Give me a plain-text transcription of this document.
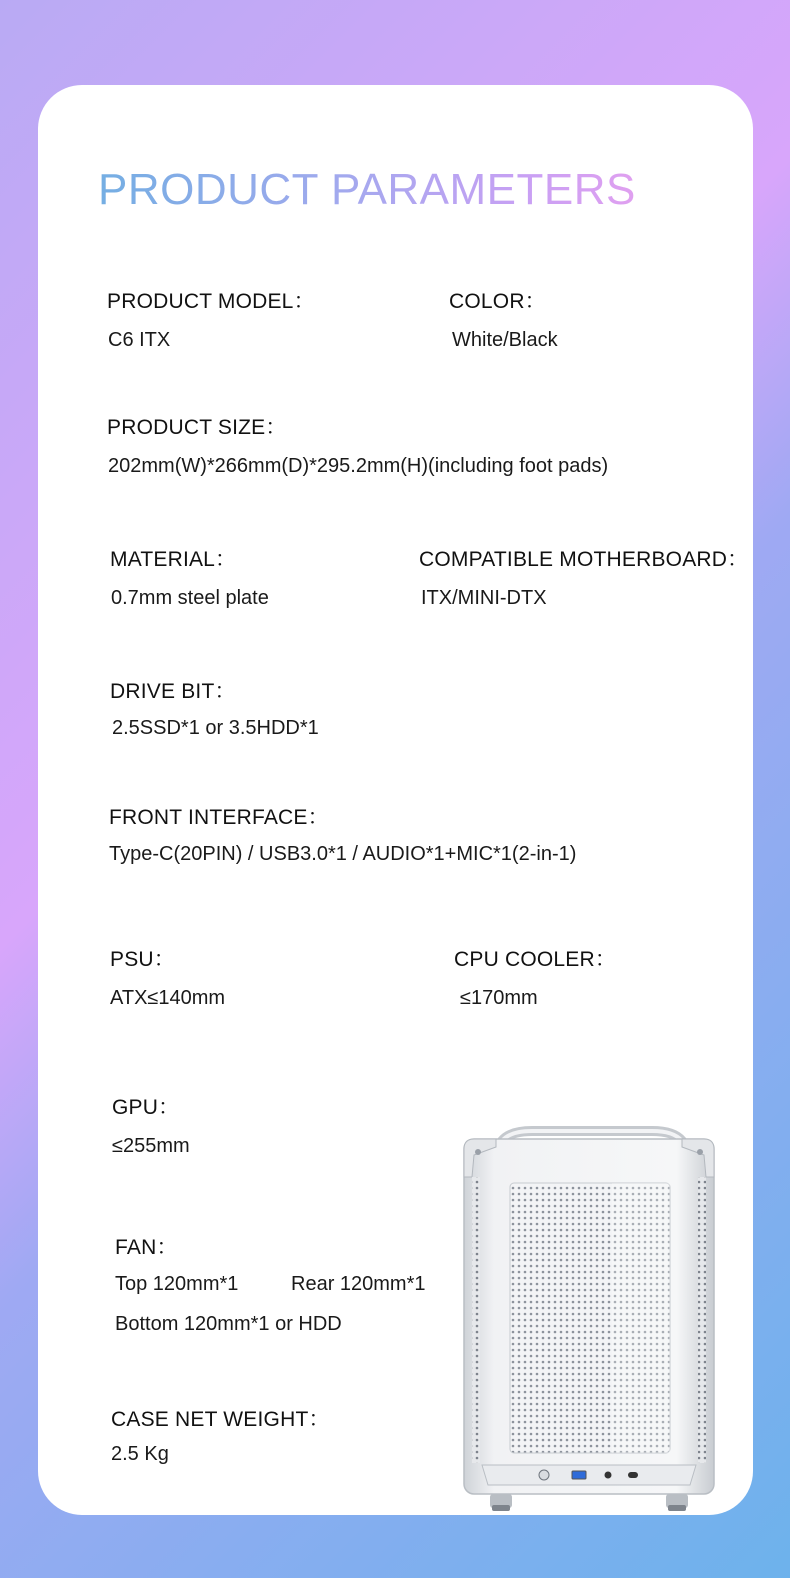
PRODUCT PARAMETERS
PRODUCT MODEL：
C6 ITX
COLOR：
White/Black
PRODUCT SIZE：
202mm(W)*266mm(D)*295.2mm(H)(including foot pads)
MATERIAL：
0.7mm steel plate
COMPATIBLE MOTHERBOARD：
ITX/MINI-DTX
DRIVE BIT：
2.5SSD*1 or 3.5HDD*1
FRONT INTERFACE：
Type-C(20PIN) / USB3.0*1 / AUDIO*1+MIC*1(2-in-1)
PSU：
ATX≤140mm
CPU COOLER：
≤170mm
GPU：
≤255mm
FAN：
Top 120mm*1	Rear 120mm*1
Bottom 120mm*1 or HDD
CASE NET WEIGHT：
2.5 Kg
